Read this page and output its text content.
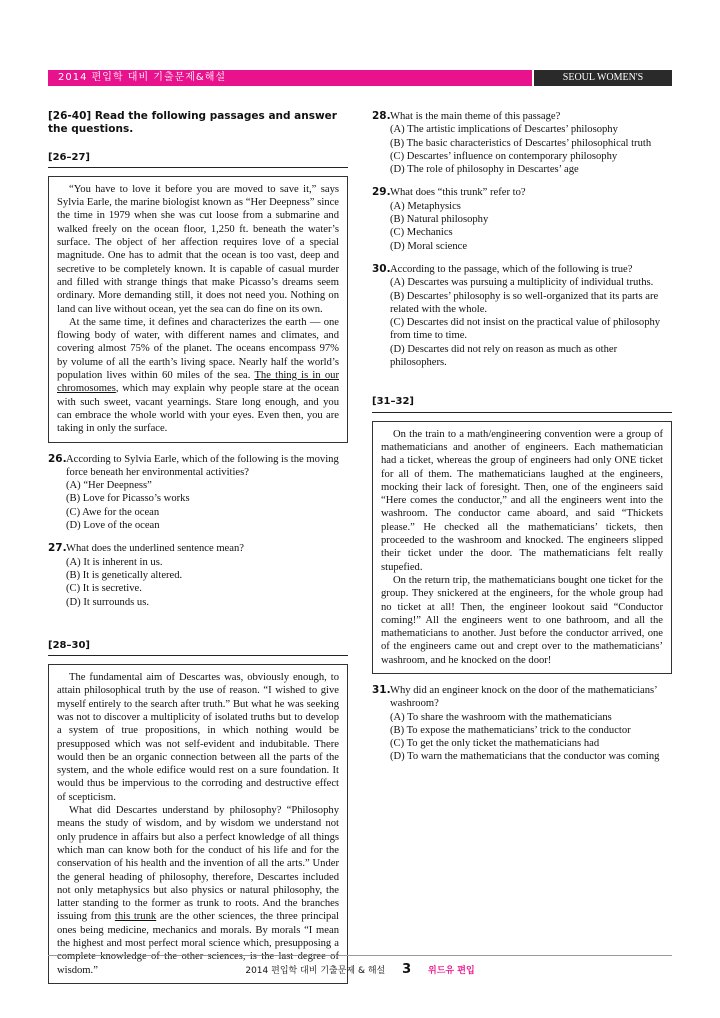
2014 편입학 대비 기출문제&해설	SEOUL WOMEN'S UNIVERSITY
[26-40] Read the following passages and answer the questions.
[26–27]

“You have to love it before you are moved to save it,” says Sylvia Earle, the marine biologist known as “Her Deepness” since the time in 1979 when she was cut loose from a submarine and walked freely on the ocean floor, 1,250 ft. beneath the water’s surface. The object of her affection requires love of a special magnitude. One has to admit that the ocean is too vast, deep and secretive to be completely known. It is capable of casual murder and filled with strange things that make Picasso’s dreams seem ordinary. More demanding still, it does not need you. Nothing on land can live without ocean, yet the sea can do fine on its own.

At the same time, it defines and characterizes the earth — one flowing body of water, with different names and climates, and covering almost 75% of the planet. The oceans encompass 97% by volume of all the earth’s living space. Nearly half the world’s population lives within 60 miles of the sea. The thing is in our chromosomes, which may explain why people stare at the ocean with such sweet, vacant yearnings. Stare long enough, and you can embrace the whole world with your eyes. Even then, you are taking in only the surface.

26. According to Sylvia Earle, which of the following is the moving force beneath her environmental activities?
(A) “Her Deepness”
(B) Love for Picasso’s works
(C) Awe for the ocean
(D) Love of the ocean
27. What does the underlined sentence mean?
(A) It is inherent in us.
(B) It is genetically altered.
(C) It is secretive.
(D) It surrounds us.
[28–30]

The fundamental aim of Descartes was, obviously enough, to attain philosophical truth by the use of reason. “I wished to give myself entirely to the search after truth.” But what he was seeking was not to discover a multiplicity of isolated truths but to develop a system of true propositions, in which nothing would be presupposed which was not self-evident and indubitable. There would then be an organic connection between all the parts of the system, and the whole edifice would rest on a sure foundation. It would thus be impervious to the corroding and destructive effect of scepticism.

What did Descartes understand by philosophy? “Philosophy means the study of wisdom, and by wisdom we understand not only prudence in affairs but also a perfect knowledge of all things which man can know both for the conduct of his life and for the conservation of his health and the invention of all the arts.” Under the general heading of philosophy, therefore, Descartes included not only metaphysics but also physics or natural philosophy, the latter standing to the former as trunk to roots. And the branches issuing from this trunk are the other sciences, the three principal ones being medicine, mechanics and morals. By morals “I mean the highest and most perfect moral science which, presupposing a complete knowledge of the other sciences, is the last degree of wisdom.”

28. What is the main theme of this passage?
(A) The artistic implications of Descartes’ philosophy
(B) The basic characteristics of Descartes’ philosophical truth
(C) Descartes’ influence on contemporary philosophy
(D) The role of philosophy in Descartes’ age
29. What does “this trunk” refer to?
(A) Metaphysics
(B) Natural philosophy
(C) Mechanics
(D) Moral science
30. According to the passage, which of the following is true?
(A) Descartes was pursuing a multiplicity of individual truths.
(B) Descartes’ philosophy is so well-organized that its parts are related with the whole.
(C) Descartes did not insist on the practical value of philosophy from time to time.
(D) Descartes did not rely on reason as much as other philosophers.
[31–32]

On the train to a math/engineering convention were a group of mathematicians and another of engineers. Each mathematician had a ticket, whereas the group of engineers had only ONE ticket for all of them. The mathematicians laughed at the engineers, mocking their lack of foresight. Then, one of the engineers said “Here comes the conductor,” and all the engineers went into the washroom. The conductor came aboard, and said “Thickets please.” He checked all the mathematicians’ tickets, then proceeded to the washroom and knocked. The engineers slipped their ticket under the door. The mathematicians felt really stupefied.

On the return trip, the mathematicians bought one ticket for the group. They snickered at the engineers, for the whole group had no ticket at all! Then, the engineer lookout said “Conductor coming!” All the engineers went to one bathroom, and all the mathematicians to another. Just before the conductor arrived, one of the engineers came out and crept over to the mathematicians’ washroom, and he knocked on the door!

31. Why did an engineer knock on the door of the mathematicians’ washroom?
(A) To share the washroom with the mathematicians
(B) To expose the mathematicians’ trick to the conductor
(C) To get the only ticket the mathematicians had
(D) To warn the mathematicians that the conductor was coming
2014 편입학 대비 기출문제 & 해설 3 위드유 편입
